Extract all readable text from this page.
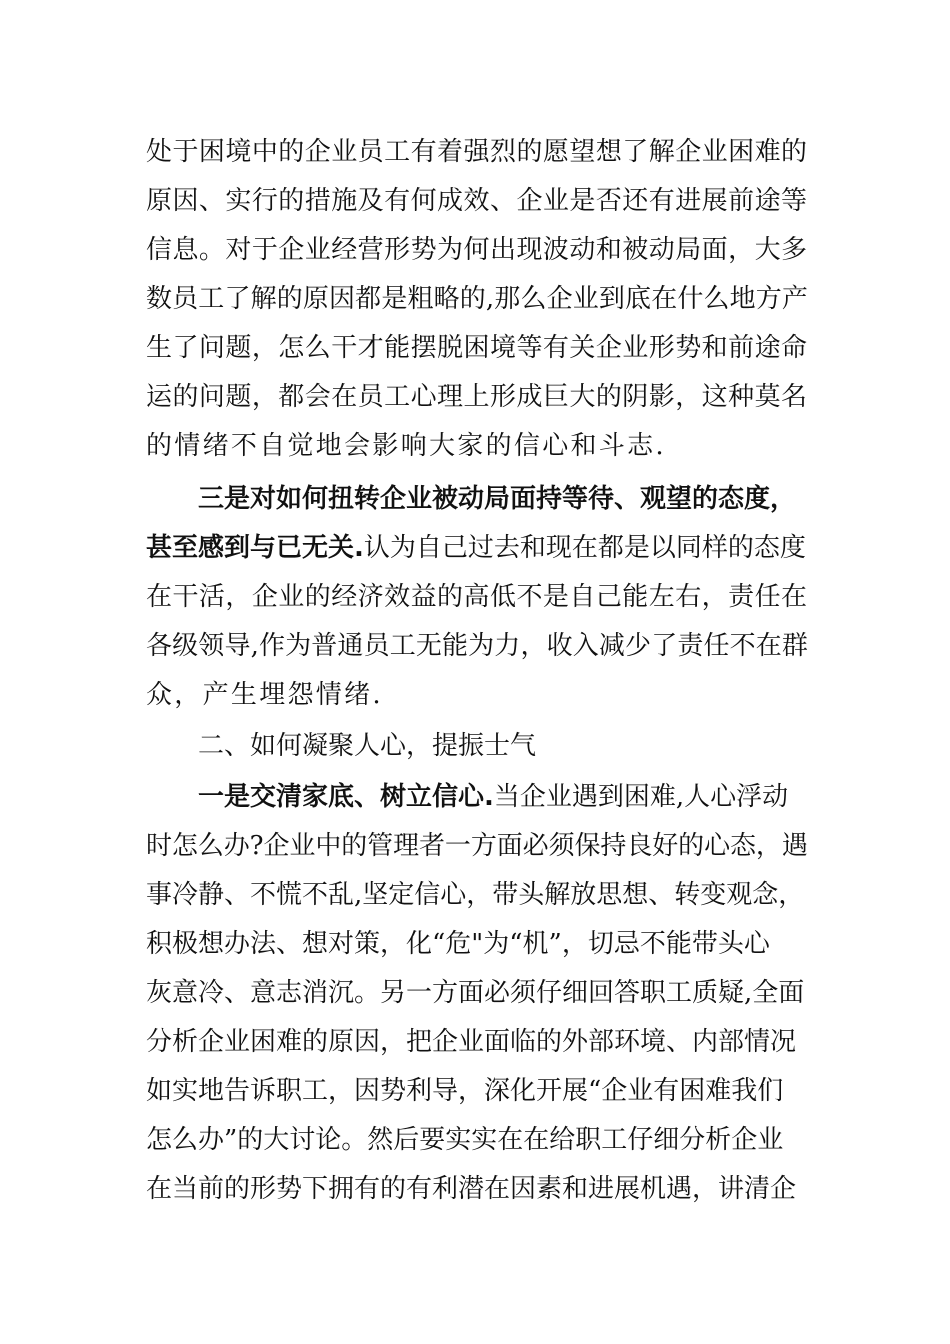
处于困境中的企业员工有着强烈的愿望想了解企业困难的
原因、实行的措施及有何成效、企业是否还有进展前途等
信息。对于企业经营形势为何出现波动和被动局面，大多
数员工了解的原因都是粗略的,那么企业到底在什么地方产
生了问题，怎么干才能摆脱困境等有关企业形势和前途命
运的问题，都会在员工心理上形成巨大的阴影，这种莫名
的情绪不自觉地会影响大家的信心和斗志.
三是对如何扭转企业被动局面持等待、观望的态度，
甚至感到与已无关.认为自己过去和现在都是以同样的态度
在干活，企业的经济效益的高低不是自己能左右，责任在
各级领导,作为普通员工无能为力，收入减少了责任不在群
众，产生埋怨情绪.
二、如何凝聚人心，提振士气
一是交清家底、树立信心.当企业遇到困难,人心浮动
时怎么办?企业中的管理者一方面必须保持良好的心态，遇
事冷静、不慌不乱,坚定信心，带头解放思想、转变观念，
积极想办法、想对策，化“危"为“机”，切忌不能带头心
灰意冷、意志消沉。另一方面必须仔细回答职工质疑,全面
分析企业困难的原因，把企业面临的外部环境、内部情况
如实地告诉职工，因势利导，深化开展“企业有困难我们
怎么办”的大讨论。然后要实实在在给职工仔细分析企业
在当前的形势下拥有的有利潜在因素和进展机遇，讲清企
